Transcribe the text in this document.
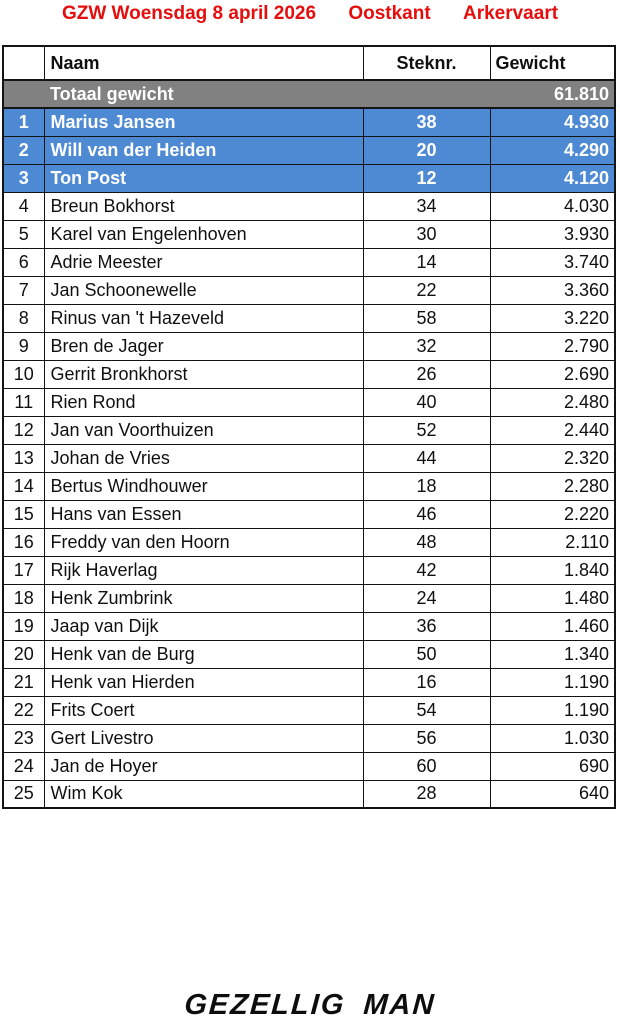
GZW Woensdag 8 april 2026 Oostkant Arkervaart
	Naam	Steknr.	Gewicht

Totaal gewicht 61.810			

1	Marius Jansen	38	4.930
2	Will van der Heiden	20	4.290
3	Ton Post	12	4.120
4	Breun Bokhorst	34	4.030
5	Karel van Engelenhoven	30	3.930
6	Adrie Meester	14	3.740
7	Jan Schoonewelle	22	3.360
8	Rinus van 't Hazeveld	58	3.220
9	Bren de Jager	32	2.790
10	Gerrit Bronkhorst	26	2.690
11	Rien Rond	40	2.480
12	Jan van Voorthuizen	52	2.440
13	Johan de Vries	44	2.320
14	Bertus Windhouwer	18	2.280
15	Hans van Essen	46	2.220
16	Freddy van den Hoorn	48	2.110
17	Rijk Haverlag	42	1.840
18	Henk Zumbrink	24	1.480
19	Jaap van Dijk	36	1.460
20	Henk van de Burg	50	1.340
21	Henk van Hierden	16	1.190
22	Frits Coert	54	1.190
23	Gert Livestro	56	1.030
24	Jan de Hoyer	60	690
25	Wim Kok	28	640
GEZELLIG MAN
